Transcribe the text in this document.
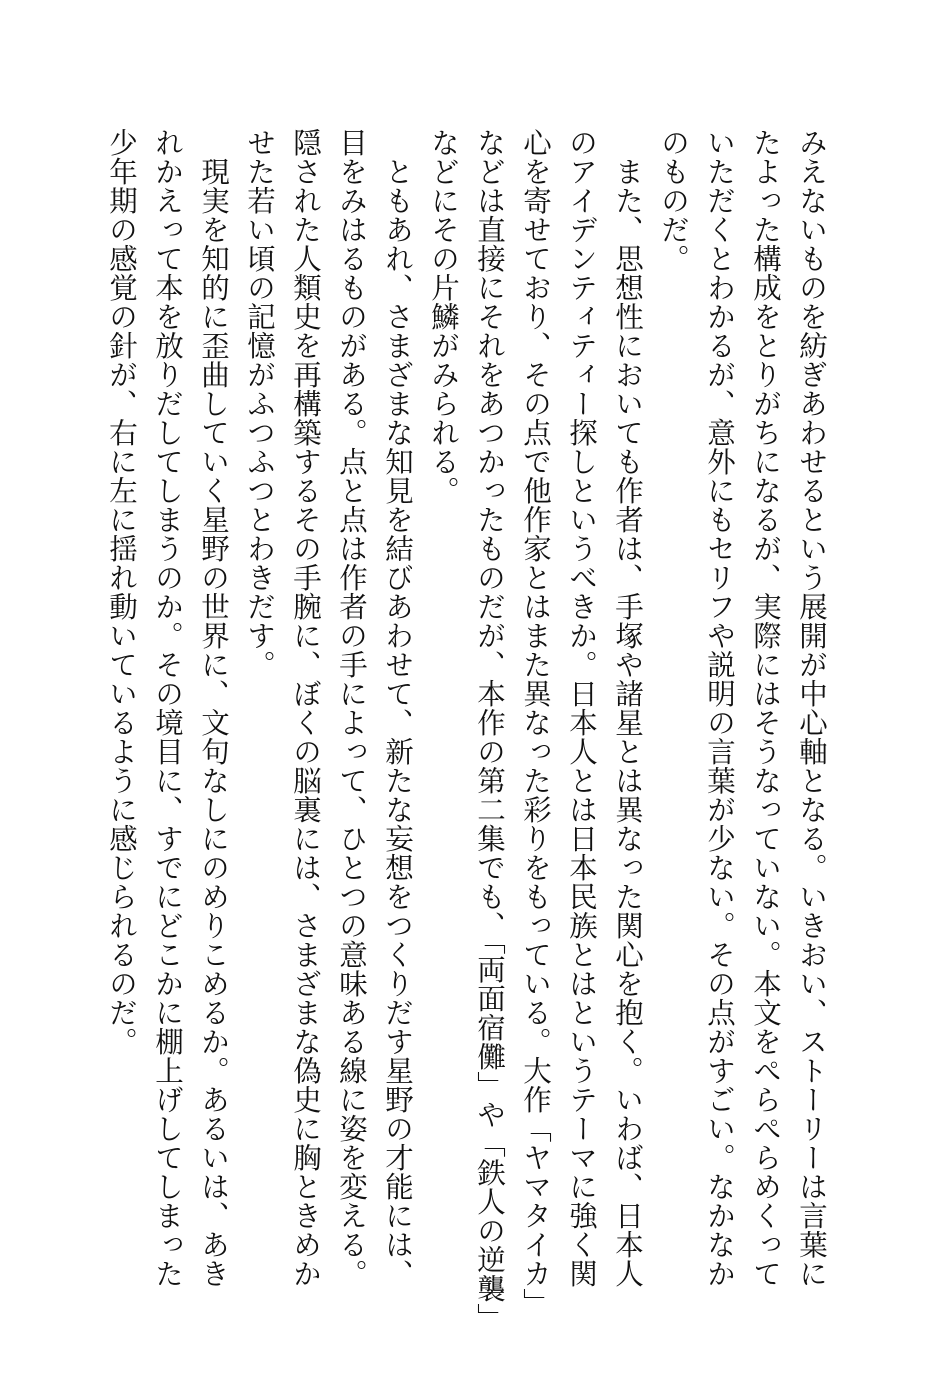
みえないものを紡ぎあわせるという展開が中心軸となる。いきおい、ストーリーは言葉に

たよった構成をとりがちになるが、実際にはそうなっていない。本文をぺらぺらめくって

いただくとわかるが、意外にもセリフや説明の言葉が少ない。その点がすごい。なかなか

のものだ。

　また、思想性においても作者は、手塚や諸星とは異なった関心を抱く。いわば、日本人

のアイデンティティー探しというべきか。日本人とは日本民族とはというテーマに強く関

心を寄せており、その点で他作家とはまた異なった彩りをもっている。大作「ヤマタイカ」

などは直接にそれをあつかったものだが、本作の第二集でも、「両面宿儺」や「鉄人の逆襲」

などにその片鱗がみられる。

　ともあれ、さまざまな知見を結びあわせて、新たな妄想をつくりだす星野の才能には、

目をみはるものがある。点と点は作者の手によって、ひとつの意味ある線に姿を変える。

隠された人類史を再構築するその手腕に、ぼくの脳裏には、さまざまな偽史に胸ときめか

せた若い頃の記憶がふつふつとわきだす。

　現実を知的に歪曲していく星野の世界に、文句なしにのめりこめるか。あるいは、あき

れかえって本を放りだしてしまうのか。その境目に、すでにどこかに棚上げしてしまった

少年期の感覚の針が、右に左に揺れ動いているように感じられるのだ。
